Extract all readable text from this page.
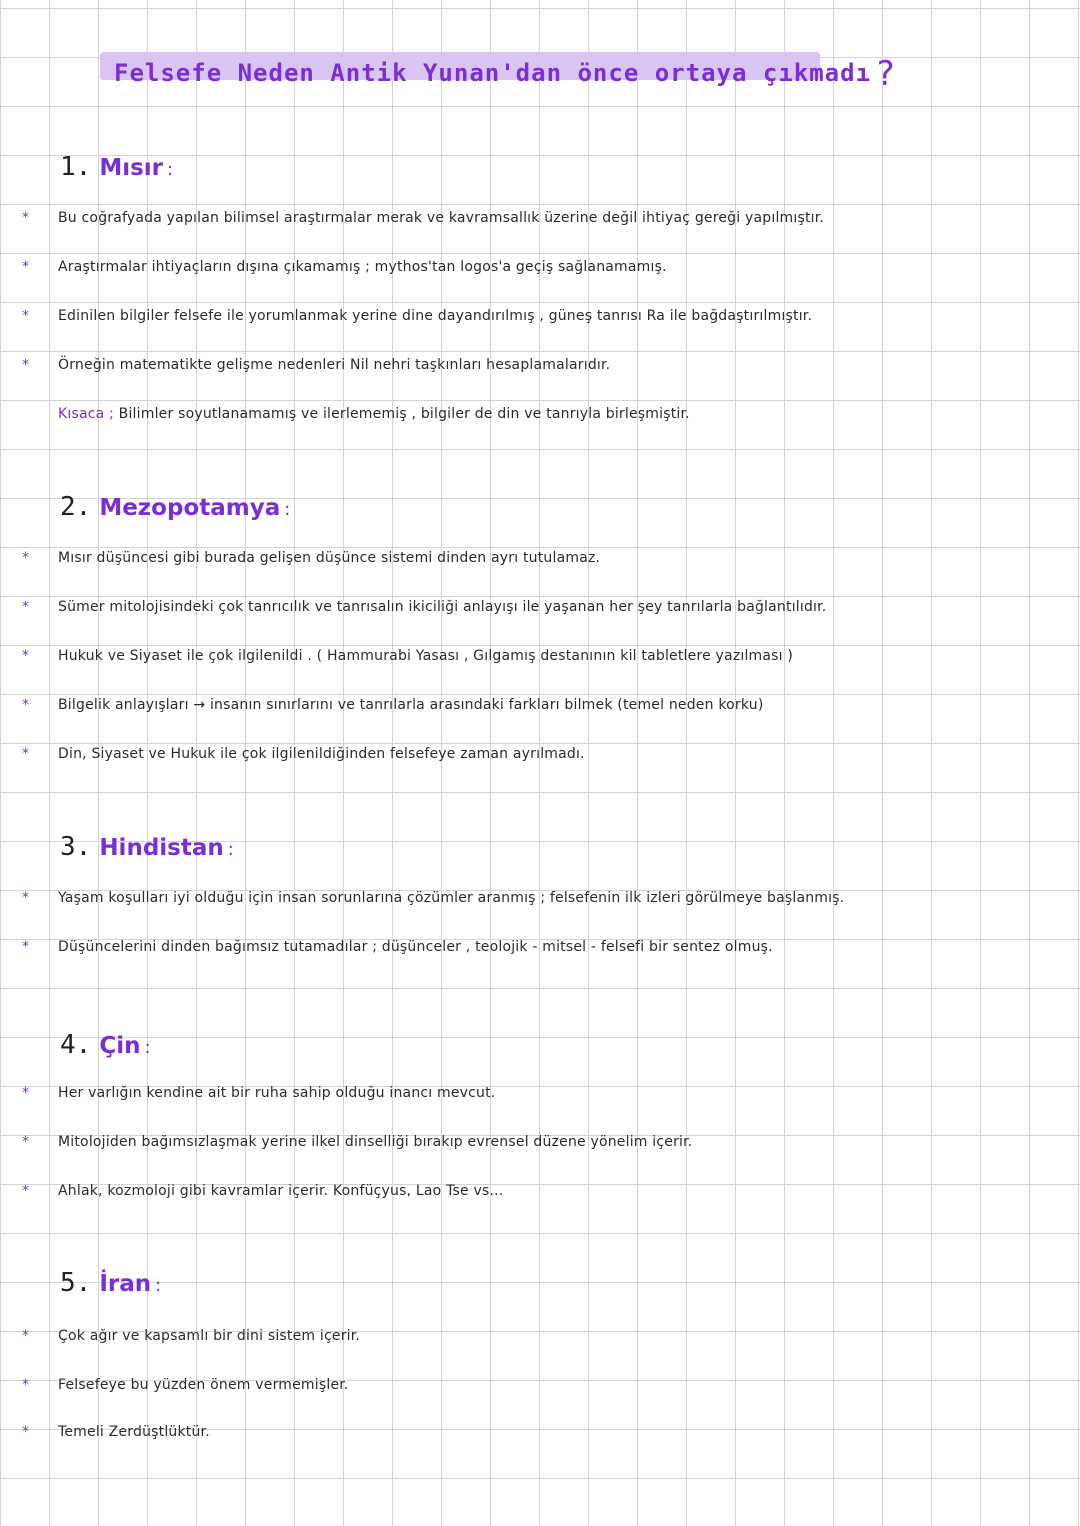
Felsefe Neden Antik Yunan'dan önce ortaya çıkmadı ?
1. Mısır :
* Bu coğrafyada yapılan bilimsel araştırmalar merak ve kavramsallık üzerine değil ihtiyaç gereği yapılmıştır.
* Araştırmalar ihtiyaçların dışına çıkamamış ; mythos'tan logos'a geçiş sağlanamamış.
* Edinilen bilgiler felsefe ile yorumlanmak yerine dine dayandırılmış , güneş tanrısı Ra ile bağdaştırılmıştır.
* Örneğin matematikte gelişme nedenleri Nil nehri taşkınları hesaplamalarıdır.
Kısaca ; Bilimler soyutlanamamış ve ilerlememiş , bilgiler de din ve tanrıyla birleşmiştir.
2. Mezopotamya :
* Mısır düşüncesi gibi burada gelişen düşünce sistemi dinden ayrı tutulamaz.
* Sümer mitolojisindeki çok tanrıcılık ve tanrısalın ikiciliği anlayışı ile yaşanan her şey tanrılarla bağlantılıdır.
* Hukuk ve Siyaset ile çok ilgilenildi . ( Hammurabi Yasası , Gılgamış destanının kil tabletlere yazılması )
* Bilgelik anlayışları → insanın sınırlarını ve tanrılarla arasındaki farkları bilmek (temel neden korku)
* Din, Siyaset ve Hukuk ile çok ilgilenildiğinden felsefeye zaman ayrılmadı.
3. Hindistan :
* Yaşam koşulları iyi olduğu için insan sorunlarına çözümler aranmış ; felsefenin ilk izleri görülmeye başlanmış.
* Düşüncelerini dinden bağımsız tutamadılar ; düşünceler , teolojik - mitsel - felsefi bir sentez olmuş.
4. Çin :
* Her varlığın kendine ait bir ruha sahip olduğu inancı mevcut.
* Mitolojiden bağımsızlaşmak yerine ilkel dinselliği bırakıp evrensel düzene yönelim içerir.
* Ahlak, kozmoloji gibi kavramlar içerir. Konfüçyus, Lao Tse vs...
5. İran :
* Çok ağır ve kapsamlı bir dini sistem içerir.
* Felsefeye bu yüzden önem vermemişler.
* Temeli Zerdüştlüktür.
